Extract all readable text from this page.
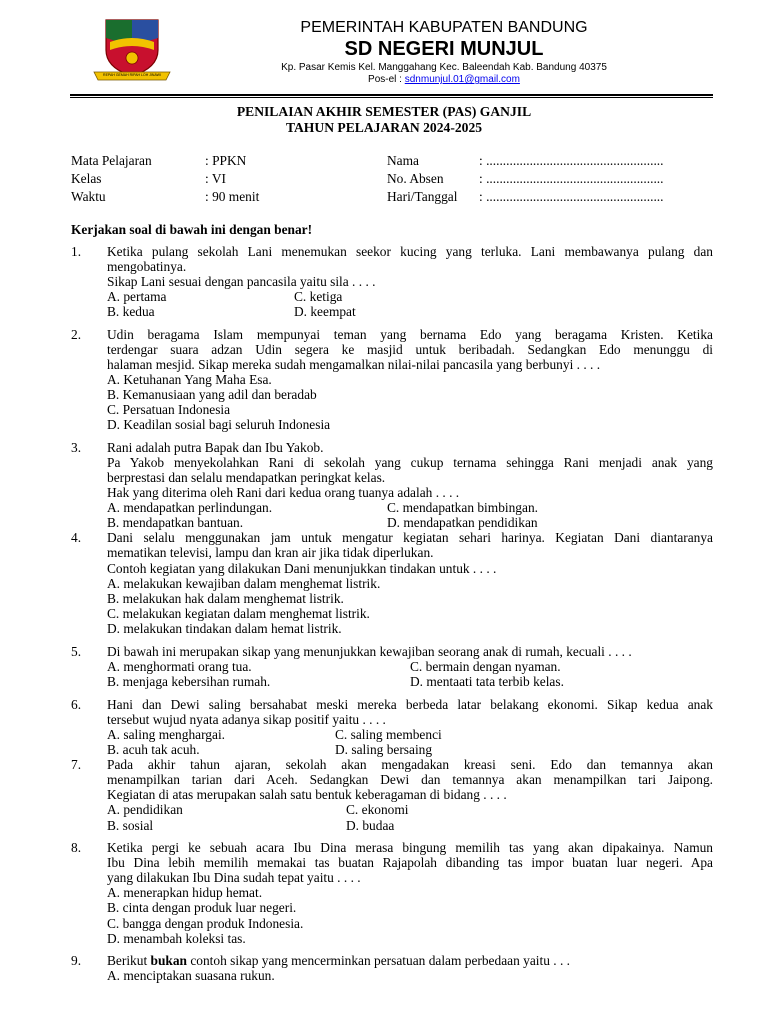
REPAH GEMAH RIPAH LOH JINAWI
PEMERINTAH KABUPATEN BANDUNG
SD NEGERI MUNJUL
Kp. Pasar Kemis Kel. Manggahang Kec. Baleendah Kab. Bandung 40375
Pos-el : sdnmunjul.01@gmail.com
PENILAIAN AKHIR SEMESTER (PAS) GANJIL
TAHUN PELAJARAN 2024-2025
Mata Pelajaran	: PPKN
Kelas	: VI
Waktu	: 90 menit
Nama	: .....................................................
No. Absen	: .....................................................
Hari/Tanggal : .....................................................
Kerjakan soal di bawah ini dengan benar!
1. Ketika pulang sekolah Lani menemukan seekor kucing yang terluka. Lani membawanya pulang dan
mengobatinya.
Sikap Lani sesuai dengan pancasila yaitu sila . . . .
A. pertama
B. kedua
C. ketiga
D. keempat
2. Udin beragama Islam mempunyai teman yang bernama Edo yang beragama Kristen. Ketika
terdengar suara adzan Udin segera ke masjid untuk beribadah. Sedangkan Edo menunggu di
halaman mesjid. Sikap mereka sudah mengamalkan nilai-nilai pancasila yang berbunyi . . . .
A. Ketuhanan Yang Maha Esa.
B. Kemanusiaan yang adil dan beradab
C. Persatuan Indonesia
D. Keadilan sosial bagi seluruh Indonesia
3. Rani adalah putra Bapak dan Ibu Yakob.
Pa Yakob menyekolahkan Rani di sekolah yang cukup ternama sehingga Rani menjadi anak yang
berprestasi dan selalu mendapatkan peringkat kelas.
Hak yang diterima oleh Rani dari kedua orang tuanya adalah . . . .
A. mendapatkan perlindungan.
B. mendapatkan bantuan.
C. mendapatkan bimbingan.
D. mendapatkan pendidikan
4. Dani selalu menggunakan jam untuk mengatur kegiatan sehari harinya. Kegiatan Dani diantaranya
mematikan televisi, lampu dan kran air jika tidak diperlukan.
Contoh kegiatan yang dilakukan Dani menunjukkan tindakan untuk . . . .
A. melakukan kewajiban dalam menghemat listrik.
B. melakukan hak dalam menghemat listrik.
C. melakukan kegiatan dalam menghemat listrik.
D. melakukan tindakan dalam hemat listrik.
5. Di bawah ini merupakan sikap yang menunjukkan kewajiban seorang anak di rumah, kecuali . . . .
A. menghormati orang tua.
B. menjaga kebersihan rumah.
C. bermain dengan nyaman.
D. mentaati tata terbib kelas.
6. Hani dan Dewi saling bersahabat meski mereka berbeda latar belakang ekonomi. Sikap kedua anak
tersebut wujud nyata adanya sikap positif yaitu . . . .
A. saling menghargai.
B. acuh tak acuh.
C. saling membenci
D. saling bersaing
7. Pada akhir tahun ajaran, sekolah akan mengadakan kreasi seni. Edo dan temannya akan
menampilkan tarian dari Aceh. Sedangkan Dewi dan temannya akan menampilkan tari Jaipong.
Kegiatan di atas merupakan salah satu bentuk keberagaman di bidang . . . .
A. pendidikan
B. sosial
C. ekonomi
D. budaa
8. Ketika pergi ke sebuah acara Ibu Dina merasa bingung memilih tas yang akan dipakainya. Namun
Ibu Dina lebih memilih memakai tas buatan Rajapolah dibanding tas impor buatan luar negeri. Apa
yang dilakukan Ibu Dina sudah tepat yaitu . . . .
A. menerapkan hidup hemat.
B. cinta dengan produk luar negeri.
C. bangga dengan produk Indonesia.
D. menambah koleksi tas.
9. Berikut bukan contoh sikap yang mencerminkan persatuan dalam perbedaan yaitu . . .
A. menciptakan suasana rukun.
